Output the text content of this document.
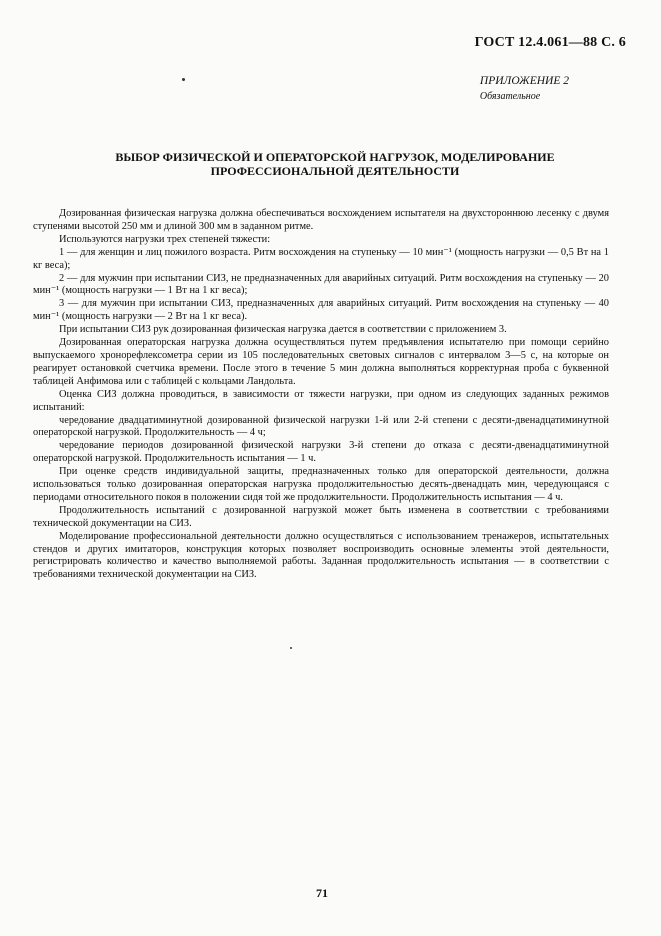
ГОСТ 12.4.061—88 С. 6
ПРИЛОЖЕНИЕ 2
Обязательное
ВЫБОР ФИЗИЧЕСКОЙ И ОПЕРАТОРСКОЙ НАГРУЗОК, МОДЕЛИРОВАНИЕ
ПРОФЕССИОНАЛЬНОЙ ДЕЯТЕЛЬНОСТИ

Дозированная физическая нагрузка должна обеспечиваться восхождением испытателя на двухстороннюю лесенку с двумя ступенями высотой 250 мм и длиной 300 мм в заданном ритме.

Используются нагрузки трех степеней тяжести:

1 — для женщин и лиц пожилого возраста. Ритм восхождения на ступеньку — 10 мин⁻¹ (мощность нагрузки — 0,5 Вт на 1 кг веса);

2 — для мужчин при испытании СИЗ, не предназначенных для аварийных ситуаций. Ритм восхождения на ступеньку — 20 мин⁻¹ (мощность нагрузки — 1 Вт на 1 кг веса);

3 — для мужчин при испытании СИЗ, предназначенных для аварийных ситуаций. Ритм восхождения на ступеньку — 40 мин⁻¹ (мощность нагрузки — 2 Вт на 1 кг веса).

При испытании СИЗ рук дозированная физическая нагрузка дается в соответствии с приложением 3.

Дозированная операторская нагрузка должна осуществляться путем предъявления испытателю при помощи серийно выпускаемого хронорефлексометра серии из 105 последовательных световых сигналов с интервалом 3—5 с, на которые он реагирует остановкой счетчика времени. После этого в течение 5 мин должна выполняться корректурная проба с буквенной таблицей Анфимова или с таблицей с кольцами Ландольта.

Оценка СИЗ должна проводиться, в зависимости от тяжести нагрузки, при одном из следующих заданных режимов испытаний:

чередование двадцатиминутной дозированной физической нагрузки 1-й или 2-й степени с десяти-двенадцатиминутной операторской нагрузкой. Продолжительность — 4 ч;

чередование периодов дозированной физической нагрузки 3-й степени до отказа с десяти-двенадцатиминутной операторской нагрузкой. Продолжительность испытания — 1 ч.

При оценке средств индивидуальной защиты, предназначенных только для операторской деятельности, должна использоваться только дозированная операторская нагрузка продолжительностью десять-двенадцать мин, чередующаяся с периодами относительного покоя в положении сидя той же продолжительности. Продолжительность испытания — 4 ч.

Продолжительность испытаний с дозированной нагрузкой может быть изменена в соответствии с требованиями технической документации на СИЗ.

Моделирование профессиональной деятельности должно осуществляться с использованием тренажеров, испытательных стендов и других имитаторов, конструкция которых позволяет воспроизводить основные элементы этой деятельности, регистрировать количество и качество выполняемой работы. Заданная продолжительность испытания — в соответствии с требованиями технической документации на СИЗ.

71
